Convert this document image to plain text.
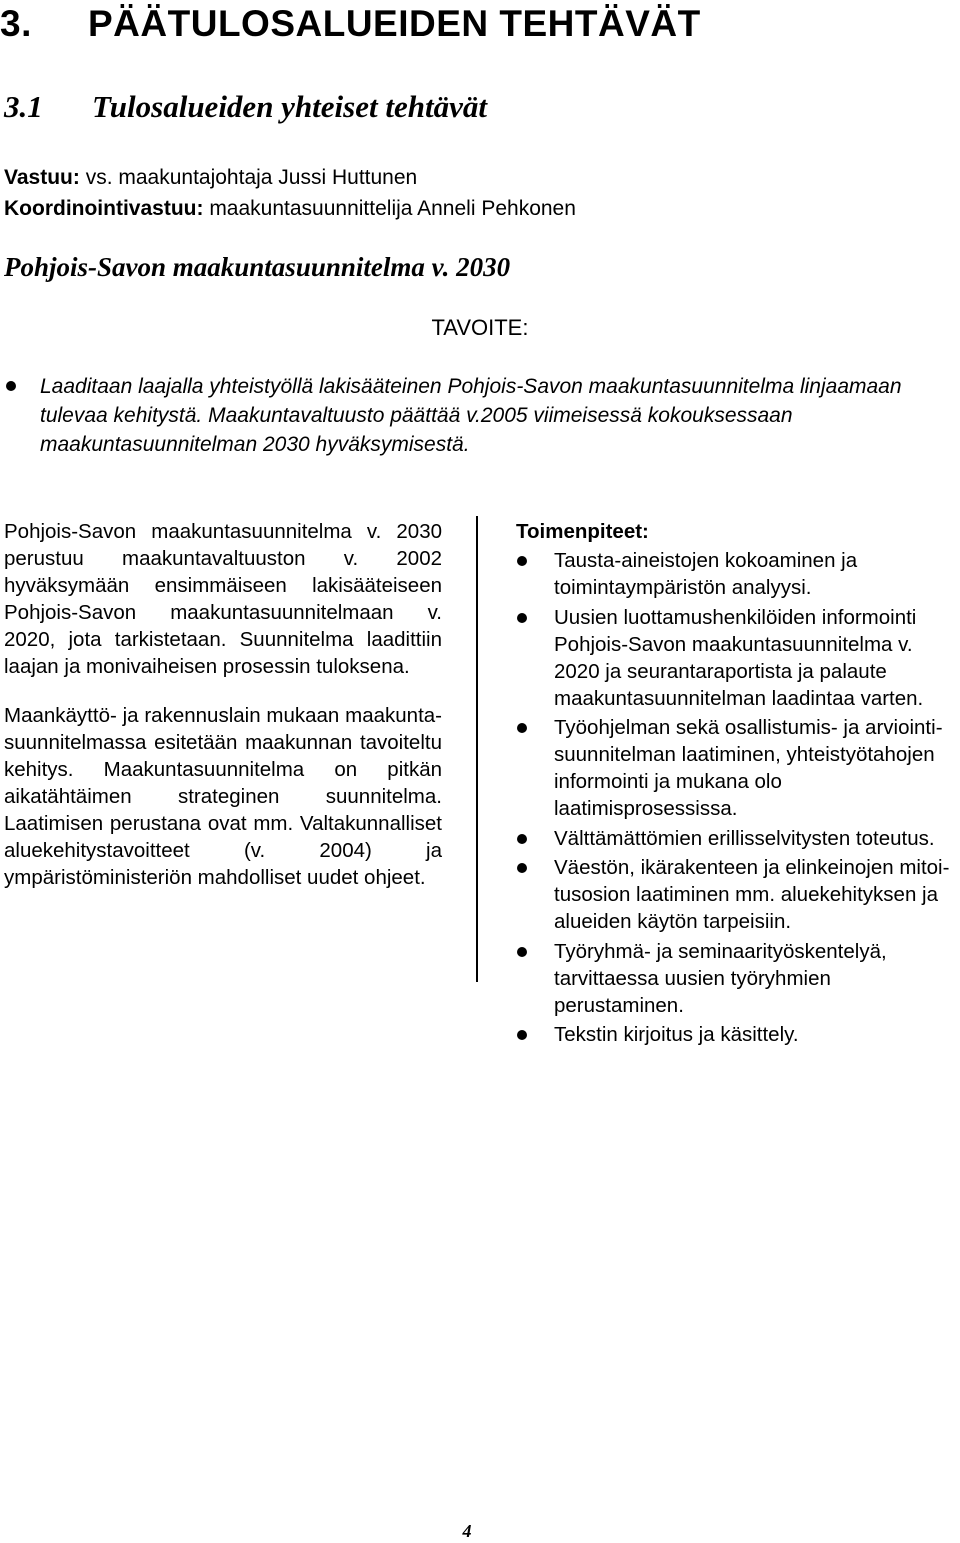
3. PÄÄTULOSALUEIDEN TEHTÄVÄT
3.1 Tulosalueiden yhteiset tehtävät
Vastuu: vs. maakuntajohtaja Jussi Huttunen
Koordinointivastuu: maakuntasuunnittelija Anneli Pehkonen
Pohjois-Savon maakuntasuunnitelma v. 2030
TAVOITE:
Laaditaan laajalla yhteistyöllä lakisääteinen Pohjois-Savon maakuntasuunnitelma linjaamaan tulevaa kehitystä. Maakuntavaltuusto päättää v.2005 viimeisessä kokouksessaan maakuntasuunnitelman 2030 hyväksymisestä.
Pohjois-Savon maakuntasuunnitelma v. 2030 perustuu maakuntavaltuuston v. 2002 hyväksymään ensimmäiseen lakisääteiseen Pohjois-Savon maakuntasuunnitelmaan v. 2020, jota tarkistetaan. Suunnitelma laadittiin laajan ja monivaiheisen prosessin tuloksena.
Maankäyttö- ja rakennuslain mukaan maakuntasuunnitelmassa esitetään maakunnan tavoiteltu kehitys. Maakuntasuunnitelma on pitkän aikatähtäimen strateginen suunnitelma. Laatimisen perustana ovat mm. Valtakunnalliset aluekehitystavoitteet (v. 2004) ja ympäristöministeriön mahdolliset uudet ohjeet.
Toimenpiteet:
Tausta-aineistojen kokoaminen ja toimintaympäristön analyysi.
Uusien luottamushenkilöiden informointi Pohjois-Savon maakuntasuunnitelma v. 2020 ja seurantaraportista ja palaute maakuntasuunnitelman laadintaa varten.
Työohjelman sekä osallistumis- ja arviointisuunnitelman laatiminen, yhteistyötahojen informointi ja mukana olo laatimisprosessissa.
Välttämättömien erillisselvitysten toteutus.
Väestön, ikärakenteen ja elinkeinojen mitoitusosion laatiminen mm. aluekehityksen ja alueiden käytön tarpeisiin.
Työryhmä- ja seminaarityöskentelyä, tarvittaessa uusien työryhmien perustaminen.
Tekstin kirjoitus ja käsittely.
4
